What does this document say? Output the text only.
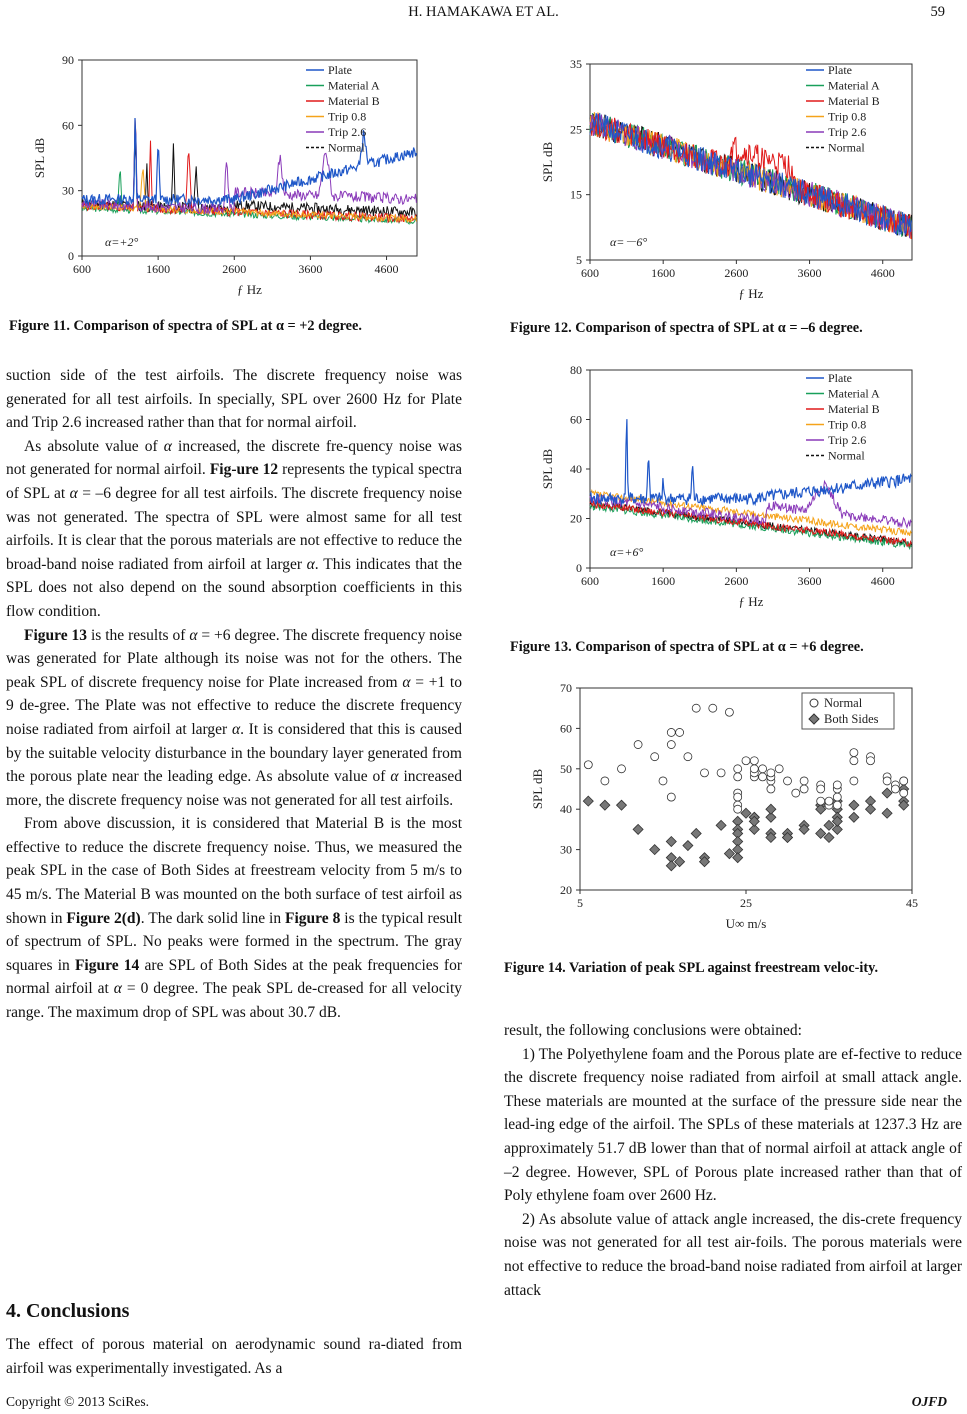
H. HAMAKAWA ET AL.	59
600	1600	2600	3600	4600
0
30
60
90
SPL dB
ƒ Hz
Plate
Material A
Material B
Trip 0.8
Trip 2.6
Normal
α=+2°
Figure 11. Comparison of spectra of SPL at α = +2 degree.
600	1600	2600	3600	4600
5
15
25
35
SPL dB
ƒ Hz
Plate
Material A
Material B
Trip 0.8
Trip 2.6
Normal
α=－6°
Figure 12. Comparison of spectra of SPL at α = –6 degree.
600	1600	2600	3600	4600
0
20
40
60
80
SPL dB
ƒ Hz
Plate
Material A
Material B
Trip 0.8
Trip 2.6
Normal
α=+6°
Figure 13. Comparison of spectra of SPL at α = +6 degree.
5	25	45
20
30
40
50
60
70
SPL dB
U∞ m/s
Normal
Both Sides
Figure 14. Variation of peak SPL against freestream veloc-ity.

suction side of the test airfoils. The discrete frequency noise was generated for all test airfoils. In specially, SPL over 2600 Hz for Plate and Trip 2.6 increased rather than that for normal airfoil.

As absolute value of α increased, the discrete fre-quency noise was not generated for normal airfoil. Fig-ure 12 represents the typical spectra of SPL at α = –6 degree for all test airfoils. The discrete frequency noise was not generated. The spectra of SPL were almost same for all test airfoils. It is clear that the porous materials are not effective to reduce the broad-band noise radiated from airfoil at larger α. This indicates that the SPL does not also depend on the sound absorption coefficients in this flow condition.

Figure 13 is the results of α = +6 degree. The discrete frequency noise was generated for Plate although its noise was not for the others. The peak SPL of discrete frequency noise for Plate increased from α = +1 to 9 de-gree. The Plate was not effective to reduce the discrete frequency noise radiated from airfoil at larger α. It is considered that this is caused by the suitable velocity disturbance in the boundary layer generated from the porous plate near the leading edge. As absolute value of α increased more, the discrete frequency noise was not generated for all test airfoils.

From above discussion, it is considered that Material B is the most effective to reduce the discrete frequency noise. Thus, we measured the peak SPL in the case of Both Sides at freestream velocity from 5 m/s to 45 m/s. The Material B was mounted on the both surface of test airfoil as shown in Figure 2(d). The dark solid line in Figure 8 is the typical result of spectrum of SPL. No peaks were formed in the spectrum. The gray squares in Figure 14 are SPL of Both Sides at the peak frequencies for normal airfoil at α = 0 degree. The peak SPL de-creased for all velocity range. The maximum drop of SPL was about 30.7 dB.

4. Conclusions

The effect of porous material on aerodynamic sound ra-diated from airfoil was experimentally investigated. As a

result, the following conclusions were obtained:

1) The Polyethylene foam and the Porous plate are ef-fective to reduce the discrete frequency noise radiated from airfoil at small attack angle. These materials are mounted at the surface of the pressure side near the lead-ing edge of the airfoil. The SPLs of these materials at 1237.3 Hz are approximately 51.7 dB lower than that of normal airfoil at attack angle of –2 degree. However, SPL of Porous plate increased rather than that of Poly ethylene foam over 2600 Hz.

2) As absolute value of attack angle increased, the dis-crete frequency noise was not generated for all test air-foils. The porous materials were not effective to reduce the broad-band noise radiated from airfoil at larger attack

Copyright © 2013 SciRes.	OJFD
